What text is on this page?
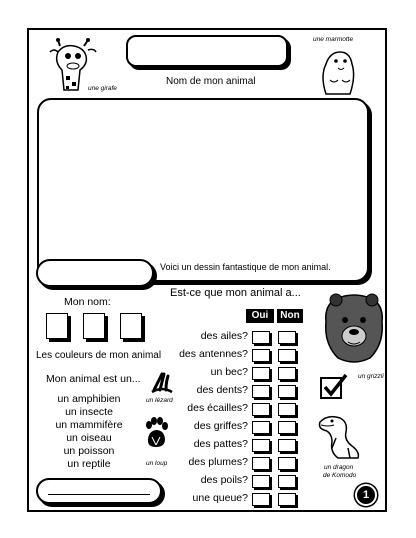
une girafe
Nom de mon animal
une marmotte
Voici un dessin fantastique de mon animal.
Mon nom:
Les couleurs de mon animal
Mon animal est un...
un amphibien
un insecte
un mammifère
un oiseau
un poisson
un reptile
un lézard
un loup
Est-ce que mon animal a...
Oui	Non
des ailes?
des antennes?
un bec?
des dents?
des écailles?
des griffes?
des pattes?
des plumes?
des poils?
une queue?
un grizzli
un dragon
de Komodo
1
